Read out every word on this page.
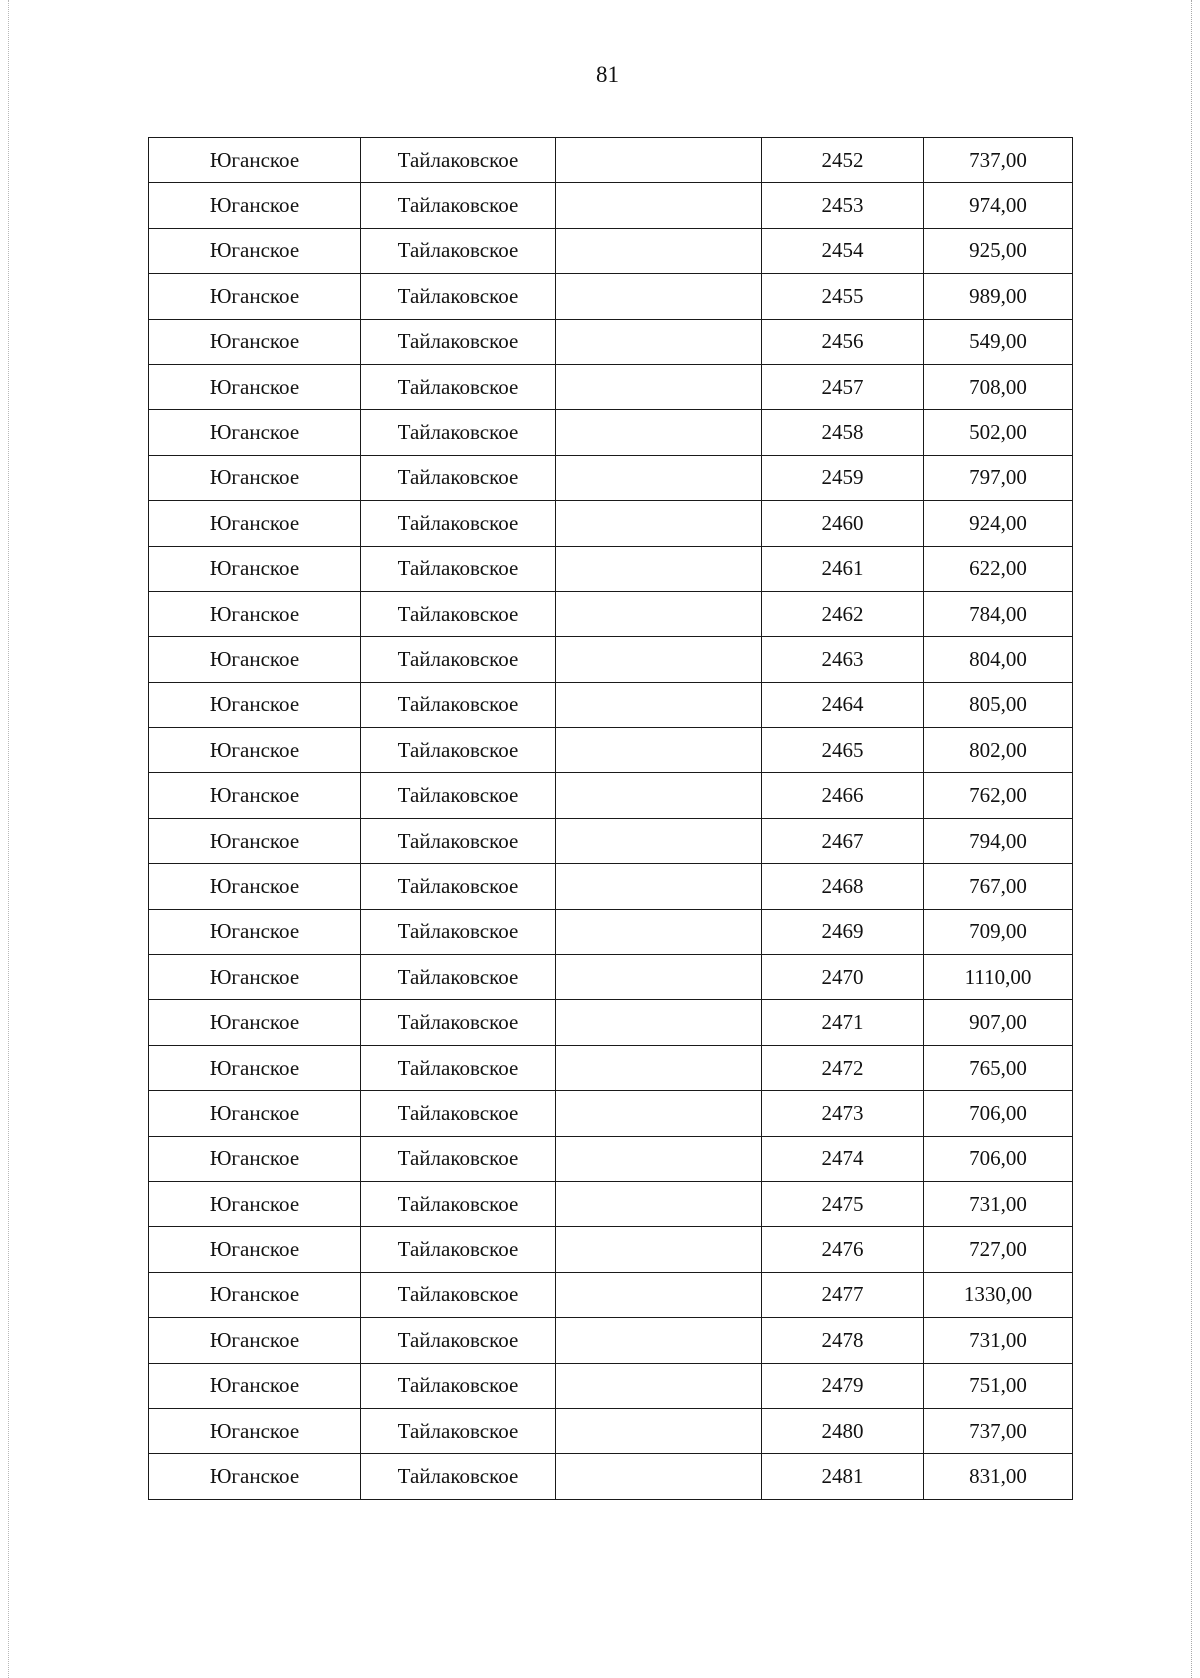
81
Юганское	Тайлаковское		2452	737,00
Юганское	Тайлаковское		2453	974,00
Юганское	Тайлаковское		2454	925,00
Юганское	Тайлаковское		2455	989,00
Юганское	Тайлаковское		2456	549,00
Юганское	Тайлаковское		2457	708,00
Юганское	Тайлаковское		2458	502,00
Юганское	Тайлаковское		2459	797,00
Юганское	Тайлаковское		2460	924,00
Юганское	Тайлаковское		2461	622,00
Юганское	Тайлаковское		2462	784,00
Юганское	Тайлаковское		2463	804,00
Юганское	Тайлаковское		2464	805,00
Юганское	Тайлаковское		2465	802,00
Юганское	Тайлаковское		2466	762,00
Юганское	Тайлаковское		2467	794,00
Юганское	Тайлаковское		2468	767,00
Юганское	Тайлаковское		2469	709,00
Юганское	Тайлаковское		2470	1110,00
Юганское	Тайлаковское		2471	907,00
Юганское	Тайлаковское		2472	765,00
Юганское	Тайлаковское		2473	706,00
Юганское	Тайлаковское		2474	706,00
Юганское	Тайлаковское		2475	731,00
Юганское	Тайлаковское		2476	727,00
Юганское	Тайлаковское		2477	1330,00
Юганское	Тайлаковское		2478	731,00
Юганское	Тайлаковское		2479	751,00
Юганское	Тайлаковское		2480	737,00
Юганское	Тайлаковское		2481	831,00
